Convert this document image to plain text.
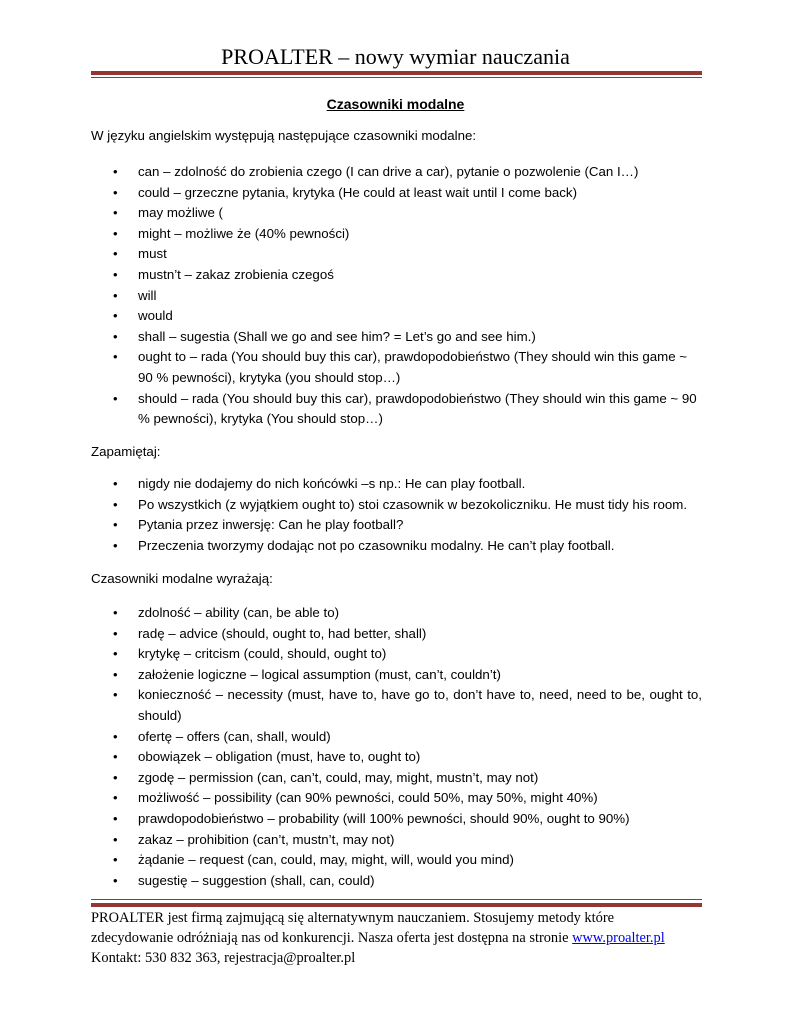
PROALTER – nowy wymiar nauczania
Czasowniki modalne
W języku angielskim występują następujące czasowniki modalne:
• can – zdolność do zrobienia czego (I can drive a car), pytanie o pozwolenie (Can I…)
• could – grzeczne pytania, krytyka (He could at least wait until I come back)
• may możliwe (
• might – możliwe że (40% pewności)
• must
• mustn’t – zakaz zrobienia czegoś
• will
• would
• shall – sugestia (Shall we go and see him? = Let’s go and see him.)
• ought to – rada (You should buy this car), prawdopodobieństwo (They should win this game ~ 90 % pewności), krytyka (you should stop…)
• should – rada (You should buy this car), prawdopodobieństwo (They should win this game ~ 90 % pewności), krytyka (You should stop…)
Zapamiętaj:
• nigdy nie dodajemy do nich końcówki –s np.: He can play football.
• Po wszystkich (z wyjątkiem ought to) stoi czasownik w bezokoliczniku. He must tidy his room.
• Pytania przez inwersję: Can he play football?
• Przeczenia tworzymy dodając not po czasowniku modalny. He can’t play football.
Czasowniki modalne wyrażają:
• zdolność – ability (can, be able to)
• radę – advice (should, ought to, had better, shall)
• krytykę – critcism (could, should, ought to)
• założenie logiczne – logical assumption (must, can’t, couldn’t)
• konieczność – necessity (must, have to, have go to, don’t have to, need, need to be, ought to, should)
• ofertę – offers (can, shall, would)
• obowiązek – obligation (must, have to, ought to)
• zgodę – permission (can, can’t, could, may, might, mustn’t, may not)
• możliwość – possibility (can 90% pewności, could 50%, may 50%, might 40%)
• prawdopodobieństwo – probability (will 100% pewności, should 90%, ought to 90%)
• zakaz – prohibition (can’t, mustn’t, may not)
• żądanie – request (can, could, may, might, will, would you mind)
• sugestię – suggestion (shall, can, could)
PROALTER jest firmą zajmującą się alternatywnym nauczaniem. Stosujemy metody które
zdecydowanie odróżniają nas od konkurencji. Nasza oferta jest dostępna na stronie www.proalter.pl
Kontakt: 530 832 363, rejestracja@proalter.pl
